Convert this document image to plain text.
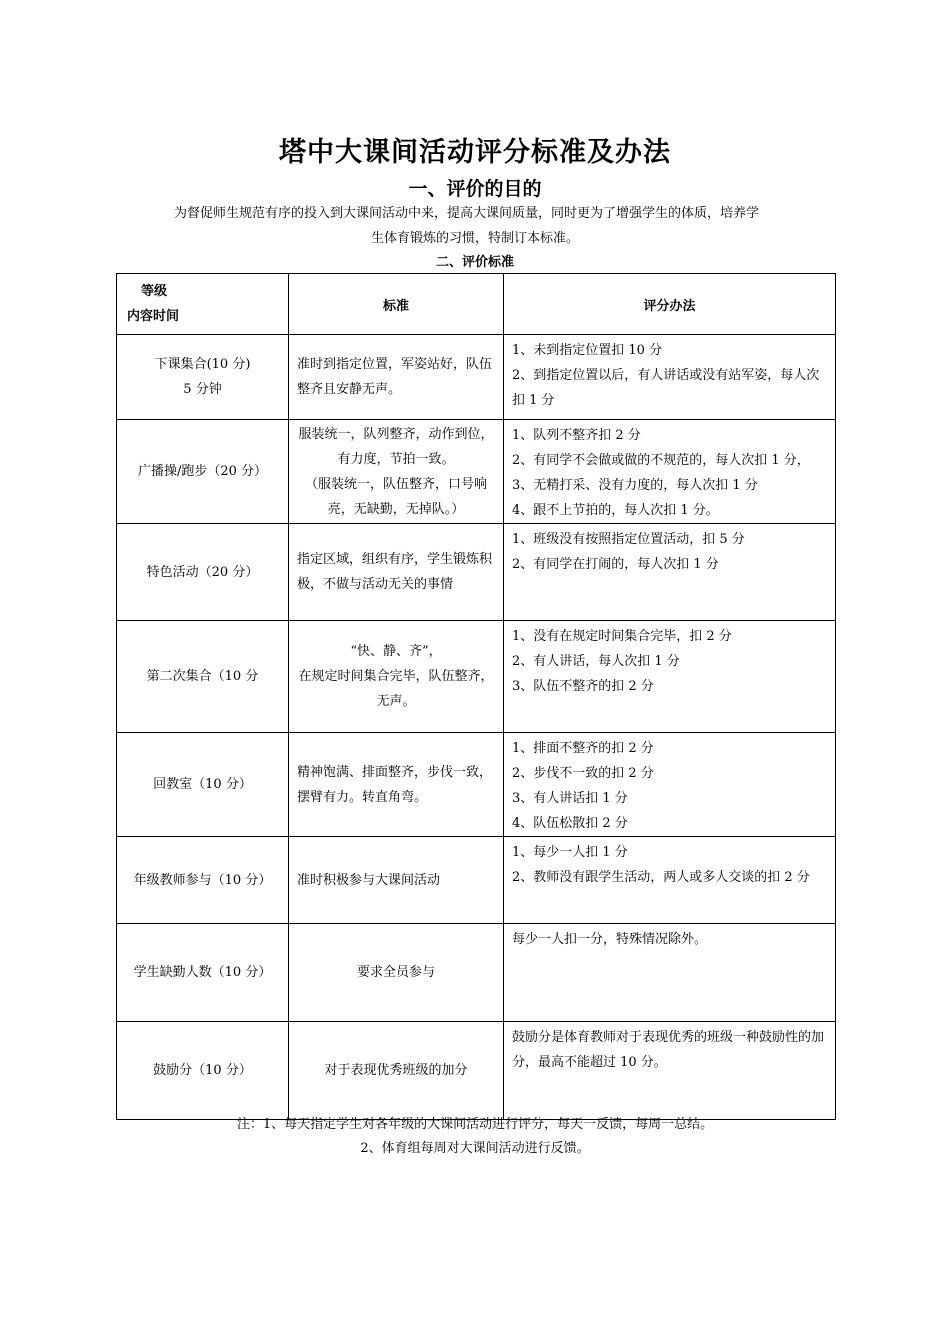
塔中大课间活动评分标准及办法
一、评价的目的
为督促师生规范有序的投入到大课间活动中来，提高大课间质量，同时更为了增强学生的体质，培养学
生体育锻炼的习惯，特制订本标准。
二、评价标准
等级
内容时间	标准	评分办法

下课集合(10 分)
5 分钟	准时到指定位置，军姿站好，队伍整齐且安静无声。	1、未到指定位置扣 10 分
2、到指定位置以后，有人讲话或没有站军姿，每人次扣 1 分

广播操/跑步（20 分）	服装统一，队列整齐，动作到位，有力度，节拍一致。
（服装统一，队伍整齐，口号响亮，无缺勤，无掉队。）	1、队列不整齐扣 2 分
2、有同学不会做或做的不规范的，每人次扣 1 分，
3、无精打采、没有力度的，每人次扣 1 分
4、跟不上节拍的，每人次扣 1 分。

特色活动（20 分）	指定区域，组织有序，学生锻炼积极，不做与活动无关的事情	1、班级没有按照指定位置活动，扣 5 分
2、有同学在打闹的，每人次扣 1 分

第二次集合（10 分	“快、静、齐”，
在规定时间集合完毕，队伍整齐，无声。	1、没有在规定时间集合完毕，扣 2 分
2、有人讲话，每人次扣 1 分
3、队伍不整齐的扣 2 分

回教室（10 分）	精神饱满、排面整齐，步伐一致，摆臂有力。转直角弯。	1、排面不整齐的扣 2 分
2、步伐不一致的扣 2 分
3、有人讲话扣 1 分
4、队伍松散扣 2 分

年级教师参与（10 分）	准时积极参与大课间活动	1、每少一人扣 1 分
2、教师没有跟学生活动，两人或多人交谈的扣 2 分

学生缺勤人数（10 分）	要求全员参与	每少一人扣一分，特殊情况除外。

鼓励分（10 分）	对于表现优秀班级的加分	鼓励分是体育教师对于表现优秀的班级一种鼓励性的加分，最高不能超过 10 分。
注：1、每天指定学生对各年级的大课间活动进行评分，每天一反馈，每周一总结。
2、体育组每周对大课间活动进行反馈。
